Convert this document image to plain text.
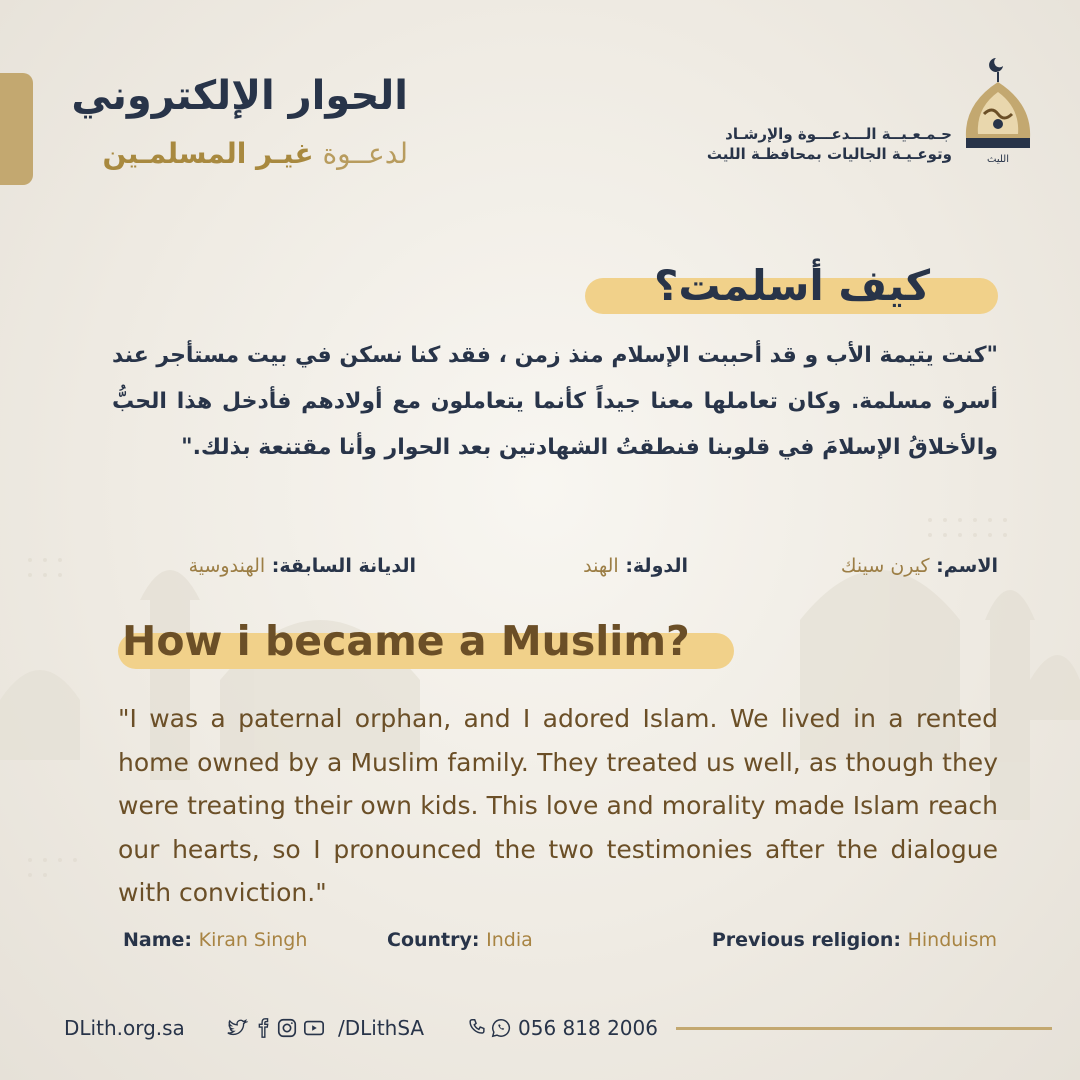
الحوار الإلكتروني
لدعــوة غيـر المسلمـين	الليث
جـمـعـيــة الـــدعـــوة والإرشـاد
وتوعـيـة الجاليات بمحافظـة الليث
كيف أسلمت؟
"كنت يتيمة الأب و قد أحببت الإسلام منذ زمن ، فقد كنا نسكن في بيت مستأجر عند أسرة مسلمة. وكان تعاملها معنا جيداً كأنما يتعاملون مع أولادهم فأدخل هذا الحبُّ والأخلاقُ الإسلامَ في قلوبنا فنطقتُ الشهادتين بعد الحوار وأنا مقتنعة بذلك."
الاسم: كيرن سينك
الدولة: الهند
الديانة السابقة: الهندوسية
How i became a Muslim?
"I was a paternal orphan, and I adored Islam. We lived in a rented home owned by a Muslim family. They treated us well, as though they were treating their own kids. This love and morality made Islam reach our hearts, so I pronounced the two testimonies after the dialogue with conviction."
Name: Kiran Singh	Country: India	Previous religion: Hinduism
DLith.org.sa	/DLithSA	056 818 2006
